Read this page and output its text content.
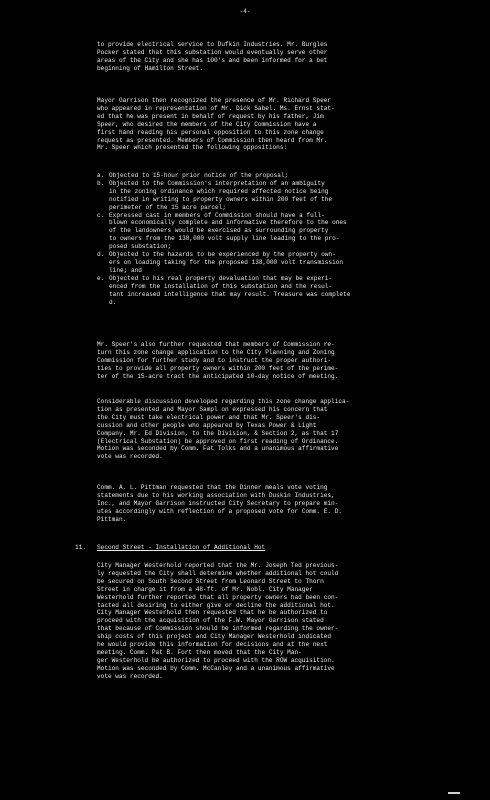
-4-

to provide electrical service to Dufkin Industries. Mr. Burgles
Pocker stated that this substation would eventually serve other
areas of the City and she has 100's and been informed for a bet
beginning of Hamilton Street.

Mayor Garrison then recognized the presence of Mr. Richard Speer
who appeared in representation of Mr. Dick Sabel. Ms. Ernst stat-
ed that he was present in behalf of request by his father, Jim
Speer, who desired the members of the City Commission have a
first hand reading his personal opposition to this zone change
request as presented. Members of Commission then heard from Mr.
Mr. Speer which presented the following oppositions:

a. Objected to 15-hour prior notice of the proposal;
b. Objected to the Commission's interpretation of an ambiguity
in the zoning ordinance which required affected notice being
notified in writing to property owners within 200 feet of the
perimeter of the 15 acre parcel;
c. Expressed cast in members of Commission should have a full-
blown economically complete and informative therefore to the ones
of the landowners would be exercised as surrounding property
to owners from the 138,000 volt supply line leading to the pro-
posed substation;
d. Objected to the hazards to be experienced by the property own-
ers on loading taking for the proposed 138,000 volt transmission
line; and
e. Objected to his real property devaluation that may be experi-
enced from the installation of this substation and the resul-
tant increased intelligence that may result. Treasure was complete
d.

Mr. Speer's also further requested that members of Commission re-
turn this zone change application to the City Planning and Zoning
Commission for further study and to instruct the proper authori-
ties to provide all property owners within 200 feet of the perime-
ter of the 15-acre tract the anticipated 10-day notice of meeting.

Considerable discussion developed regarding this zone change applica-
tion as presented and Mayor Sampl on expressed his concern that
the City must take electrical power and that Mr. Speer's dis-
cussion and other people who appeared by Texas Power & Light
Company. Mr. Ed Division, to the Division, & Section 2, as that 17
(Electrical Substation) be approved on first reading of Ordinance.
Motion was seconded by Comm. Fat Tolks and a unanimous affirmative
vote was recorded.

Comm. A. L. Pittman requested that the Dinner meals vote voting
statements due to his working association with Duskin Industries,
Inc., and Mayor Garrison instructed City Secretary to prepare min-
utes accordingly with reflection of a proposed vote for Comm. E. D.
Pittman.

11.	Second Street - Installation of Additional Hot

City Manager Westerhold reported that the Mr. Joseph Ted previous-
ly requested the City shall determine whether additional hot could
be secured on South Second Street from Leonard Street to Thorn
Street in charge it from a 48-ft. of Mr. Nobl. City Manager
Westerhold further reported that all property owners had been con-
tacted all desiring to either give or decline the additional hot.
City Manager Westerhold then requested that he be authorized to
proceed with the acquisition of the F.W. Mayor Garrison stated
that because of Commission should be informed regarding the owner-
ship costs of this project and City Manager Westerhold indicated
he would provide this information for decisions and at the next
meeting. Comm. Pat B. Fort then moved that the City Man-
ger Westerhold be authorized to proceed with the ROW acquisition.
Motion was seconded by Comm. McCanley and a unanimous affirmative
vote was recorded.
